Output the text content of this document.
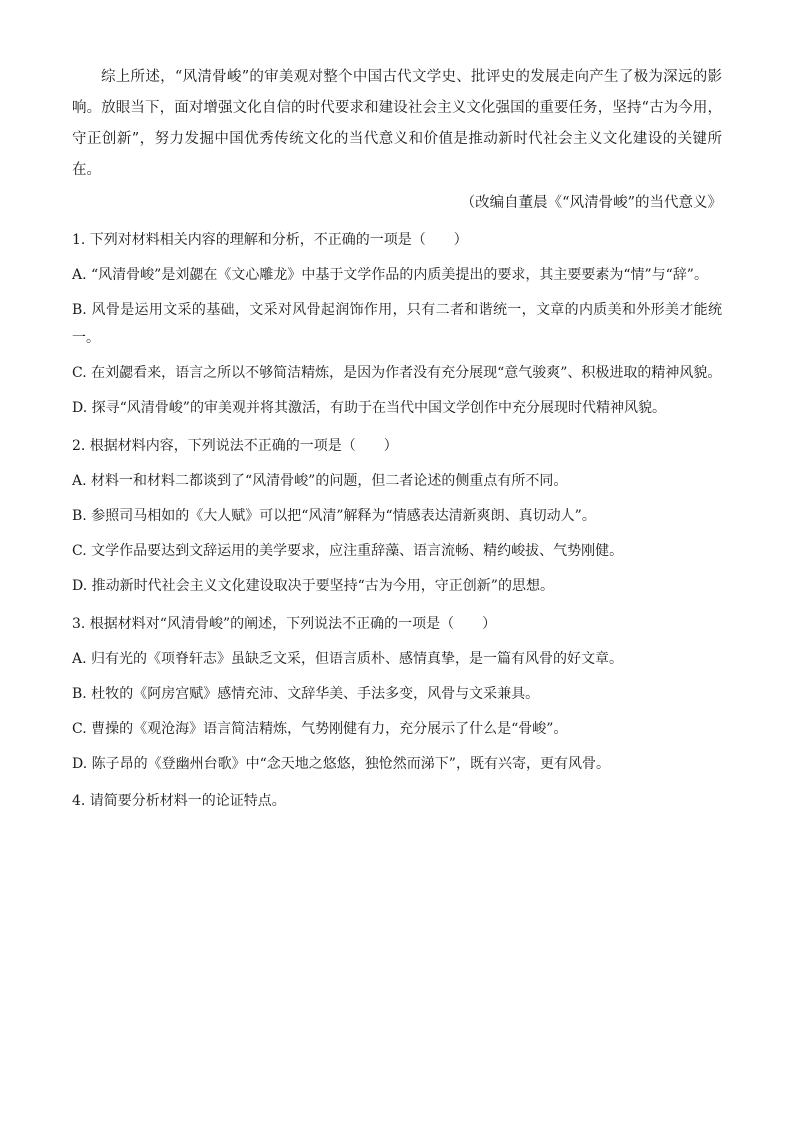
综上所述，“风清骨峻”的审美观对整个中国古代文学史、批评史的发展走向产生了极为深远的影响。放眼当下，面对增强文化自信的时代要求和建设社会主义文化强国的重要任务，坚持“古为今用，守正创新”，努力发掘中国优秀传统文化的当代意义和价值是推动新时代社会主义文化建设的关键所在。

（改编自董晨《“风清骨峻”的当代意义》

1. 下列对材料相关内容的理解和分析，不正确的一项是（　　）

A. “风清骨峻”是刘勰在《文心雕龙》中基于文学作品的内质美提出的要求，其主要要素为“情”与“辞”。

B. 风骨是运用文采的基础，文采对风骨起润饰作用，只有二者和谐统一，文章的内质美和外形美才能统一。

C. 在刘勰看来，语言之所以不够简洁精炼，是因为作者没有充分展现“意气骏爽”、积极进取的精神风貌。

D. 探寻“风清骨峻”的审美观并将其激活，有助于在当代中国文学创作中充分展现时代精神风貌。

2. 根据材料内容，下列说法不正确的一项是（　　）

A. 材料一和材料二都谈到了“风清骨峻”的问题，但二者论述的侧重点有所不同。

B. 参照司马相如的《大人赋》可以把“风清”解释为“情感表达清新爽朗、真切动人”。

C. 文学作品要达到文辞运用的美学要求，应注重辞藻、语言流畅、精约峻拔、气势刚健。

D. 推动新时代社会主义文化建设取决于要坚持“古为今用，守正创新”的思想。

3. 根据材料对“风清骨峻”的阐述，下列说法不正确的一项是（　　）

A. 归有光的《项脊轩志》虽缺乏文采，但语言质朴、感情真挚，是一篇有风骨的好文章。

B. 杜牧的《阿房宫赋》感情充沛、文辞华美、手法多变，风骨与文采兼具。

C. 曹操的《观沧海》语言简洁精炼，气势刚健有力，充分展示了什么是“骨峻”。

D. 陈子昂的《登幽州台歌》中“念天地之悠悠，独怆然而涕下”，既有兴寄，更有风骨。

4. 请简要分析材料一的论证特点。
